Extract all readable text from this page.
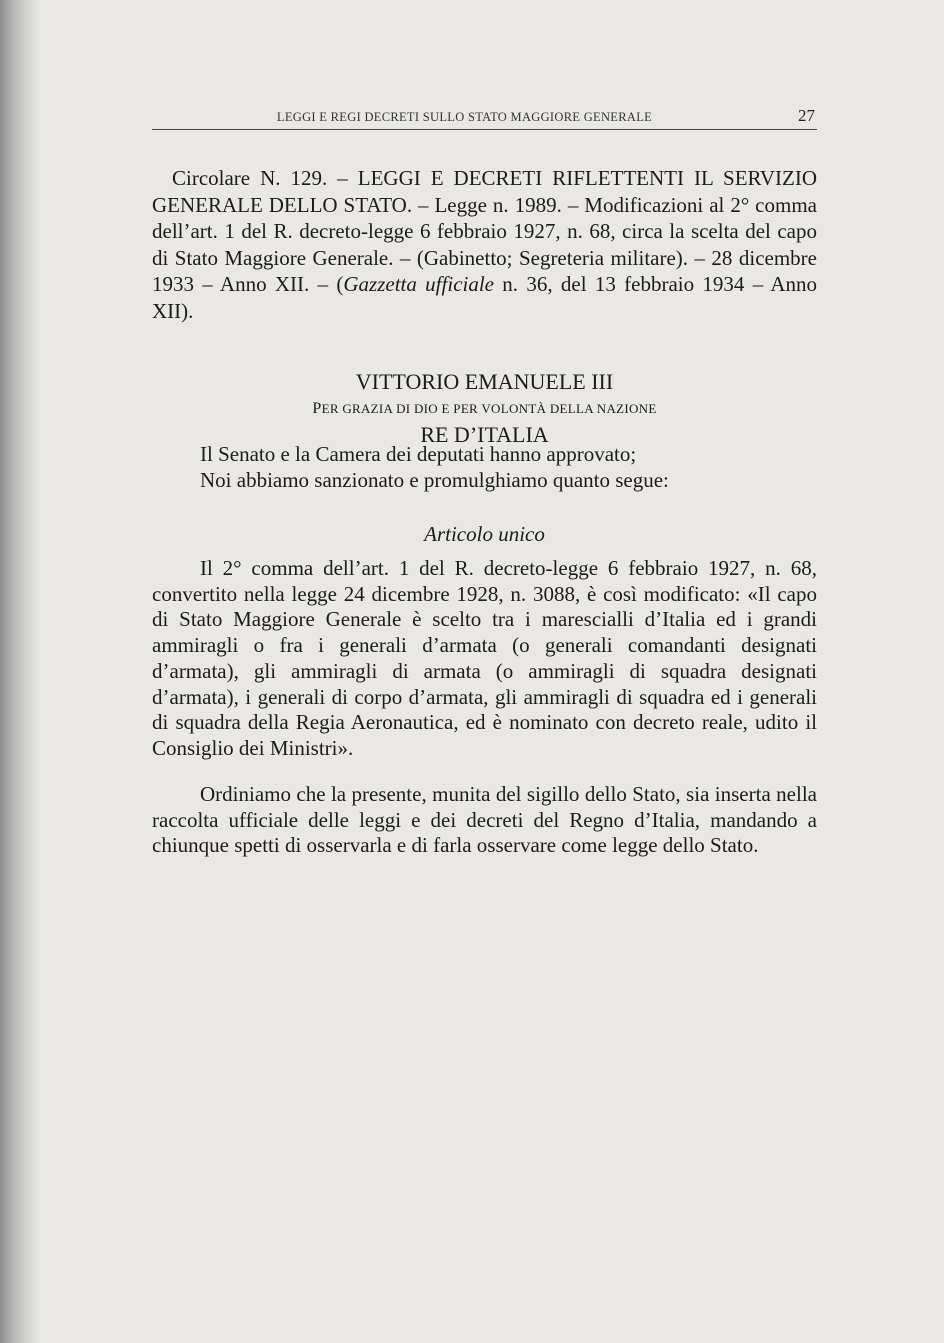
LEGGI E REGI DECRETI SULLO STATO MAGGIORE GENERALE	27
Circolare N. 129. – LEGGI E DECRETI RIFLETTENTI IL SERVIZIO GENERALE DELLO STATO. – Legge n. 1989. – Modificazioni al 2° comma dell’art. 1 del R. decreto-legge 6 febbraio 1927, n. 68, circa la scelta del capo di Stato Maggiore Generale. – (Gabinetto; Segreteria militare). – 28 dicembre 1933 – Anno XII. – (Gazzetta ufficiale n. 36, del 13 febbraio 1934 – Anno XII).
VITTORIO EMANUELE III
PER GRAZIA DI DIO E PER VOLONTÀ DELLA NAZIONE
RE D’ITALIA
Il Senato e la Camera dei deputati hanno approvato;
Noi abbiamo sanzionato e promulghiamo quanto segue:
Articolo unico
Il 2° comma dell’art. 1 del R. decreto-legge 6 febbraio 1927, n. 68, convertito nella legge 24 dicembre 1928, n. 3088, è così modificato: «Il capo di Stato Maggiore Generale è scelto tra i marescialli d’Italia ed i grandi ammiragli o fra i generali d’armata (o generali comandanti designati d’armata), gli ammiragli di armata (o ammiragli di squadra designati d’armata), i generali di corpo d’armata, gli ammiragli di squadra ed i generali di squadra della Regia Aeronautica, ed è nominato con decreto reale, udito il Consiglio dei Ministri».
Ordiniamo che la presente, munita del sigillo dello Stato, sia inserta nella raccolta ufficiale delle leggi e dei decreti del Regno d’Italia, mandando a chiunque spetti di osservarla e di farla osservare come legge dello Stato.
